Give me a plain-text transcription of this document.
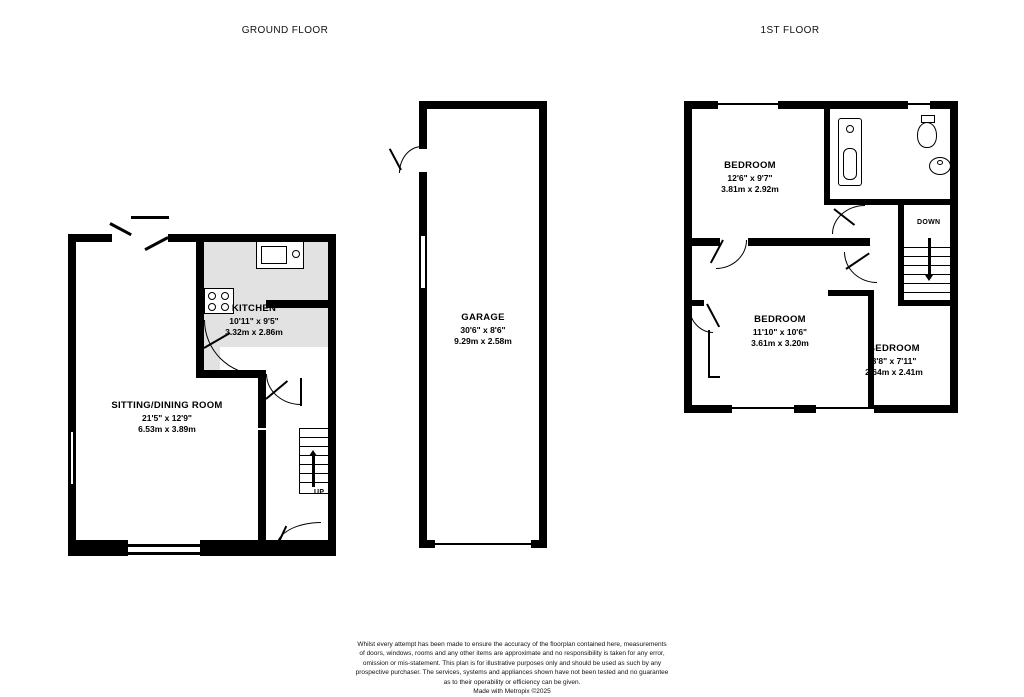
GROUND FLOOR	1ST FLOOR
UP
KITCHEN
10'11" x 9'5"
3.32m x 2.86m
SITTING/DINING ROOM
21'5" x 12'9"
6.53m x 3.89m
GARAGE
30'6" x 8'6"
9.29m x 2.58m
DOWN
BEDROOM
12'6" x 9'7"
3.81m x 2.92m
BEDROOM
11'10" x 10'6"
3.61m x 3.20m	BEDROOM
8'8" x 7'11"
2.64m x 2.41m
Whilst every attempt has been made to ensure the accuracy of the floorplan contained here, measurements
of doors, windows, rooms and any other items are approximate and no responsibility is taken for any error,
omission or mis-statement. This plan is for illustrative purposes only and should be used as such by any
prospective purchaser. The services, systems and appliances shown have not been tested and no guarantee
as to their operability or efficiency can be given.
Made with Metropix ©2025
